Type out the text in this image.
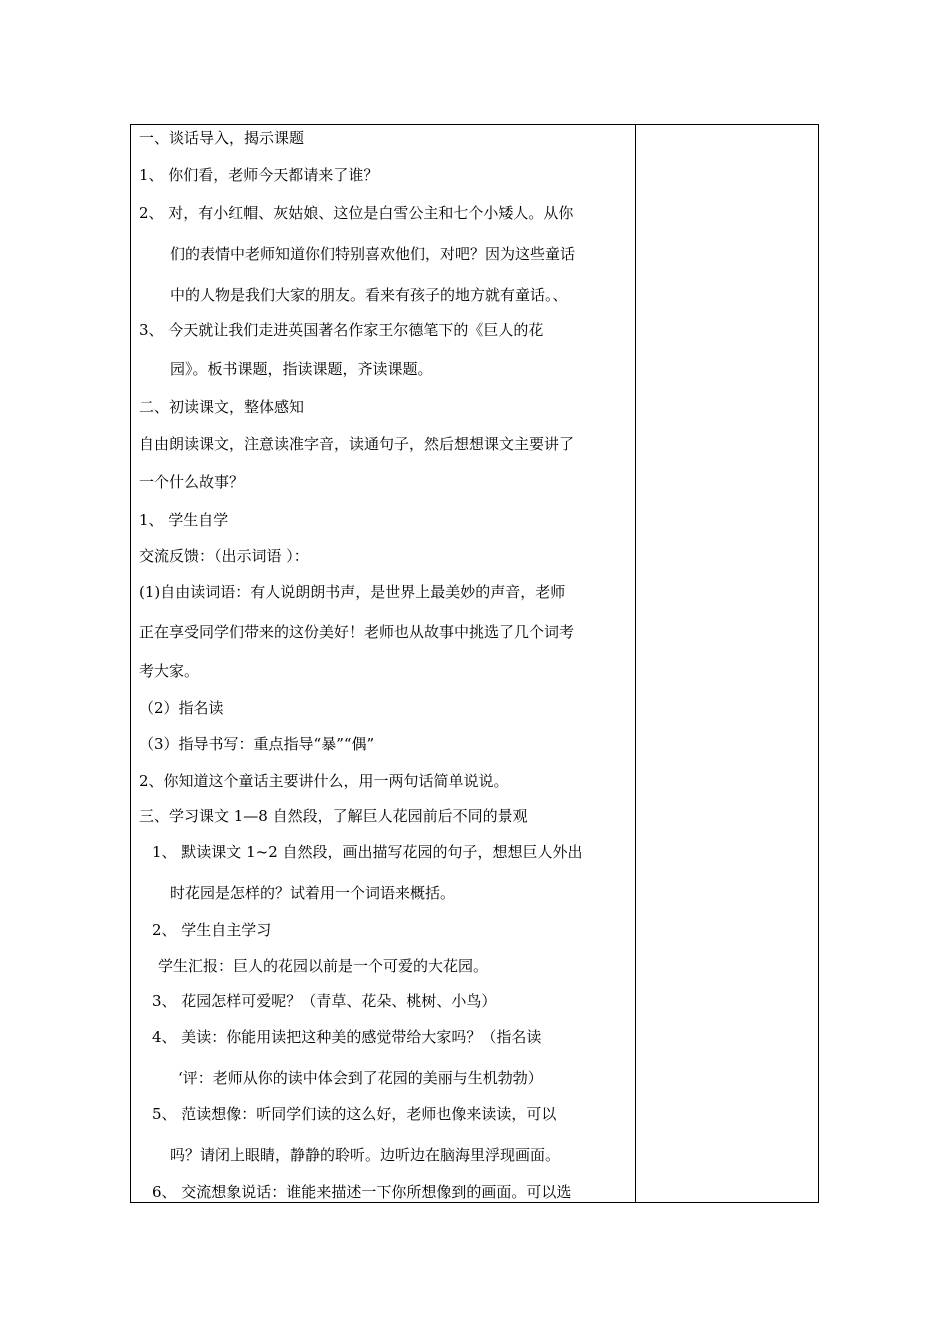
一、谈话导入，揭示课题
1、 你们看，老师今天都请来了谁？
2、 对，有小红帽、灰姑娘、这位是白雪公主和七个小矮人。从你
们的表情中老师知道你们特别喜欢他们，对吧？因为这些童话
中的人物是我们大家的朋友。看来有孩子的地方就有童话。、
3、 今天就让我们走进英国著名作家王尔德笔下的《巨人的花
园》。板书课题，指读课题，齐读课题。
二、初读课文，整体感知
自由朗读课文，注意读准字音，读通句子，然后想想课文主要讲了
一个什么故事？
1、 学生自学
交流反馈：（出示词语 ）：
(1)自由读词语：有人说朗朗书声，是世界上最美妙的声音，老师
正在享受同学们带来的这份美好！老师也从故事中挑选了几个词考
考大家。
（2）指名读
（3）指导书写：重点指导“暴”“偶”
2、你知道这个童话主要讲什么，用一两句话简单说说。
三、学习课文 1—8 自然段，了解巨人花园前后不同的景观
1、 默读课文 1~2 自然段，画出描写花园的句子，想想巨人外出
时花园是怎样的？试着用一个词语来概括。
2、 学生自主学习
学生汇报：巨人的花园以前是一个可爱的大花园。
3、 花园怎样可爱呢？（青草、花朵、桃树、小鸟）
4、 美读：你能用读把这种美的感觉带给大家吗？（指名读
‘评：老师从你的读中体会到了花园的美丽与生机勃勃）
5、 范读想像：听同学们读的这么好，老师也像来读读，可以
吗？请闭上眼睛，静静的聆听。边听边在脑海里浮现画面。
6、 交流想象说话：谁能来描述一下你所想像到的画面。可以选
